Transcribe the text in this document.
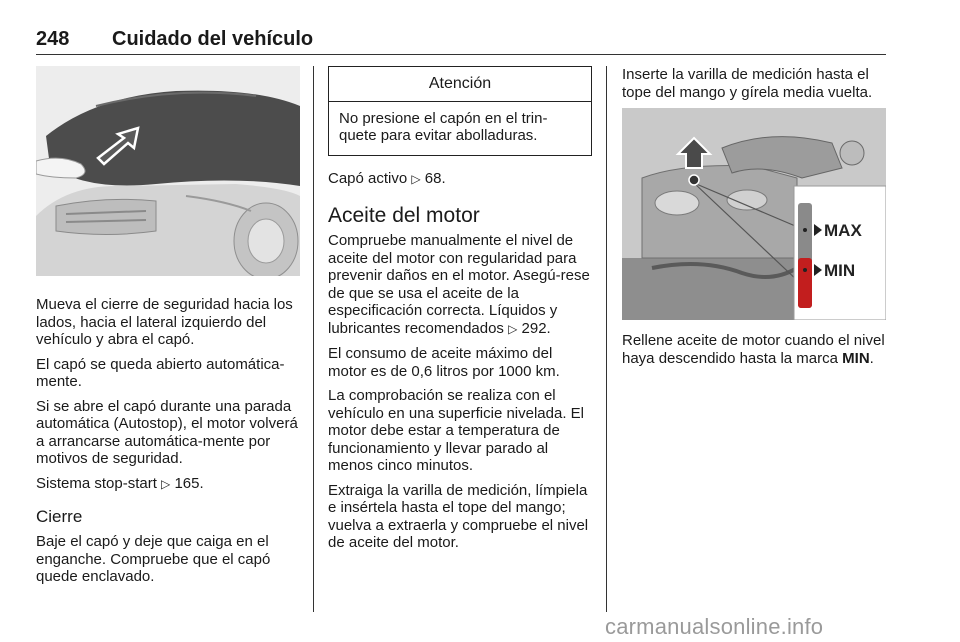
248 Cuidado del vehículo

Mueva el cierre de seguridad hacia los lados, hacia el lateral izquierdo del vehículo y abra el capó.

El capó se queda abierto automática-mente.

Si se abre el capó durante una parada automática (Autostop), el motor volverá a arrancarse automática-mente por motivos de seguridad.

Sistema stop-start ▷ 165.

Cierre

Baje el capó y deje que caiga en el enganche. Compruebe que el capó quede enclavado.

Atención
No presione el capón en el trin-quete para evitar abolladuras.

Capó activo ▷ 68.

Aceite del motor

Compruebe manualmente el nivel de aceite del motor con regularidad para prevenir daños en el motor. Asegú-rese de que se usa el aceite de la especificación correcta. Líquidos y lubricantes recomendados ▷ 292.

El consumo de aceite máximo del motor es de 0,6 litros por 1000 km.

La comprobación se realiza con el vehículo en una superficie nivelada. El motor debe estar a temperatura de funcionamiento y llevar parado al menos cinco minutos.

Extraiga la varilla de medición, límpiela e insértela hasta el tope del mango; vuelva a extraerla y compruebe el nivel de aceite del motor.

Inserte la varilla de medición hasta el tope del mango y gírela media vuelta.

MAX
MIN

Rellene aceite de motor cuando el nivel haya descendido hasta la marca MIN.

carmanualsonline.info
